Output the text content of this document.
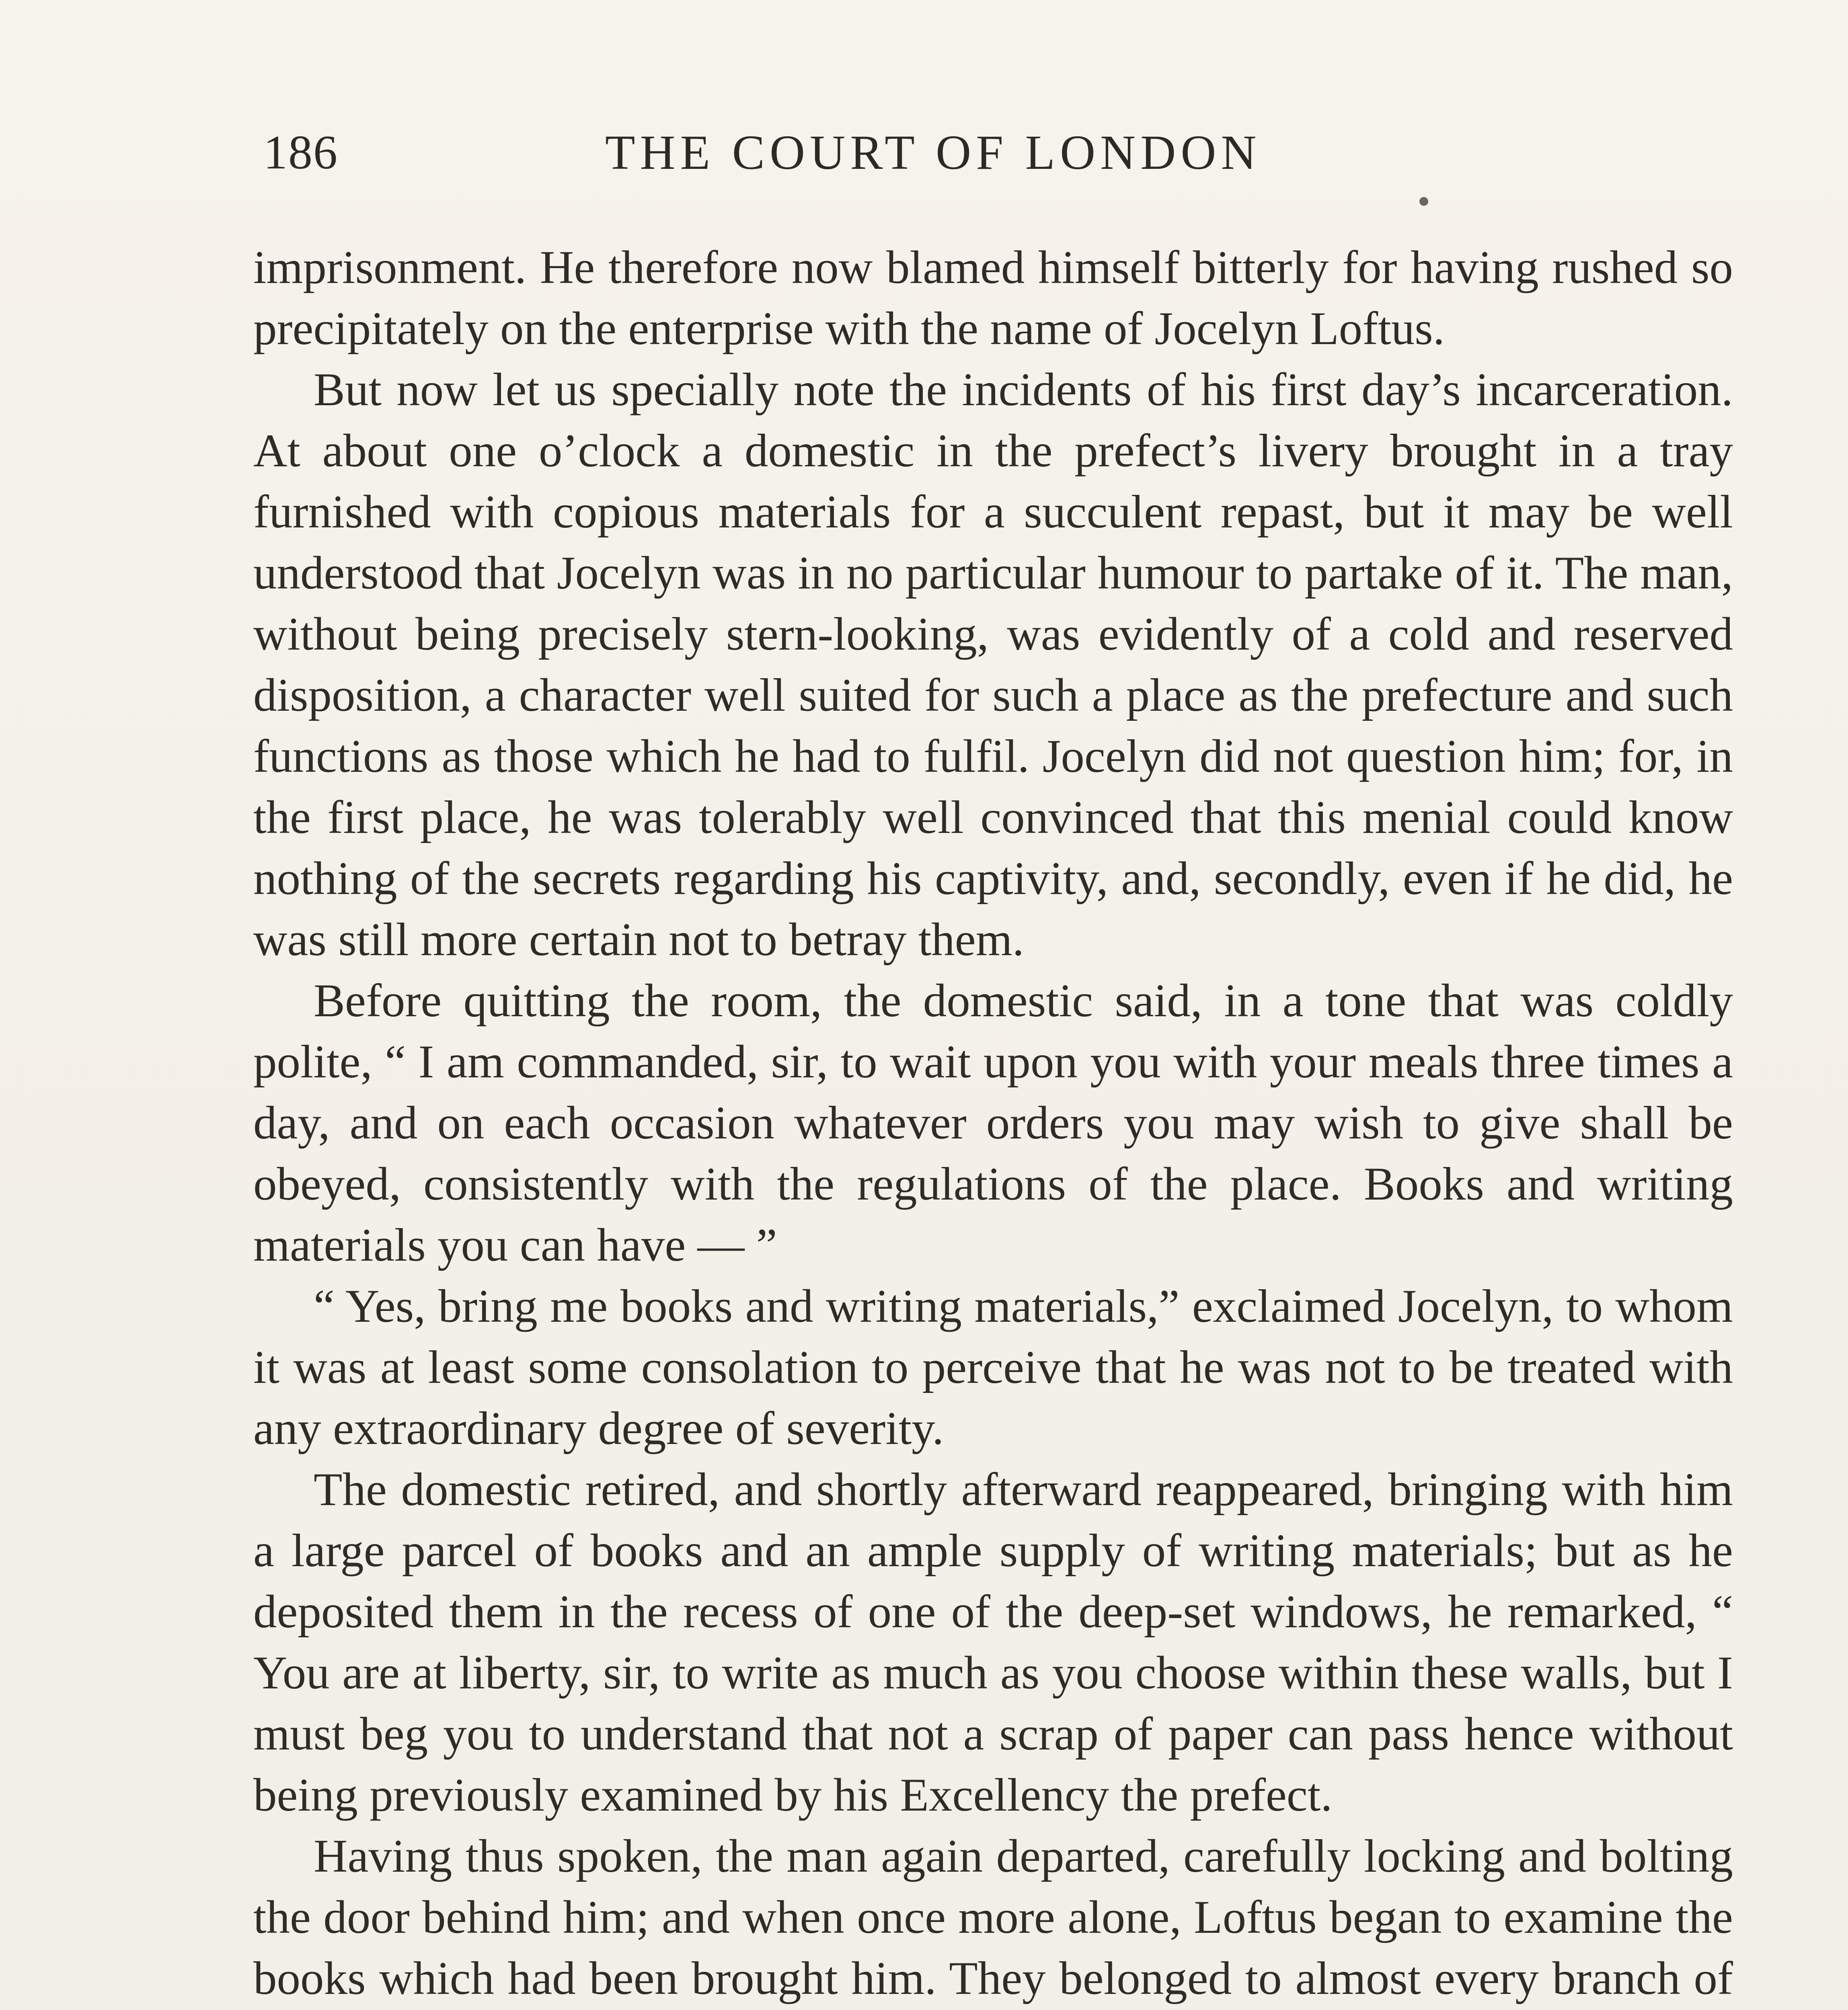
186	THE COURT OF LONDON

imprisonment. He therefore now blamed himself bitterly for having rushed so precipitately on the enterprise with the name of Jocelyn Loftus.

But now let us specially note the incidents of his first day’s incarceration. At about one o’clock a domestic in the prefect’s livery brought in a tray furnished with copious materials for a succulent repast, but it may be well understood that Jocelyn was in no particular humour to partake of it. The man, without being precisely stern-looking, was evidently of a cold and reserved disposition, a character well suited for such a place as the prefecture and such functions as those which he had to fulfil. Jocelyn did not question him; for, in the first place, he was tolerably well convinced that this menial could know nothing of the secrets regarding his captivity, and, secondly, even if he did, he was still more certain not to betray them.

Before quitting the room, the domestic said, in a tone that was coldly polite, “ I am commanded, sir, to wait upon you with your meals three times a day, and on each occasion whatever orders you may wish to give shall be obeyed, consistently with the regulations of the place. Books and writing materials you can have — ”

“ Yes, bring me books and writing materials,” exclaimed Jocelyn, to whom it was at least some consolation to perceive that he was not to be treated with any extraordinary degree of severity.

The domestic retired, and shortly afterward reappeared, bringing with him a large parcel of books and an ample supply of writing materials; but as he deposited them in the recess of one of the deep-set windows, he remarked, “ You are at liberty, sir, to write as much as you choose within these walls, but I must beg you to understand that not a scrap of paper can pass hence without being previously examined by his Excellency the prefect.

Having thus spoken, the man again departed, carefully locking and bolting the door behind him; and when once more alone, Loftus began to examine the books which had been brought him. They belonged to almost every branch of
